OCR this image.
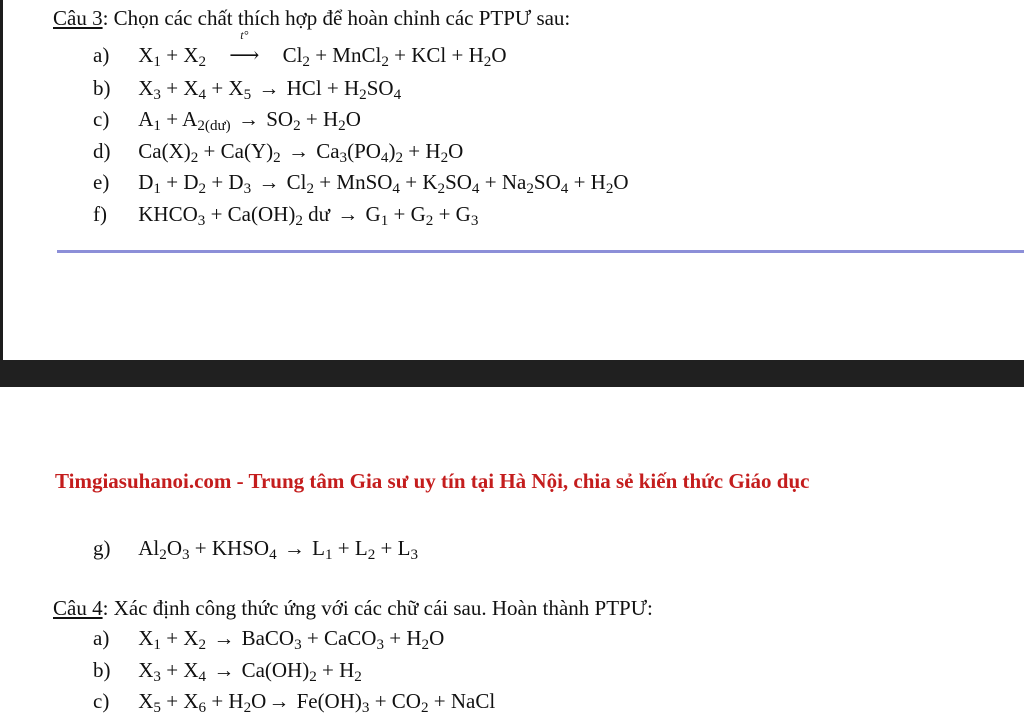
Câu 3: Chọn các chất thích hợp để hoàn chỉnh các PTPƯ sau:
a) $X_1 + X_2$
t°
⟶ $Cl_2$ + MnCl$_2$ + KCl + $H_2O$
b) $X_3 + X_4 + X_5$ → HCl + $H_2SO_4$
c) $A_1 + A_{2(dư)} \to SO_2 + H_2O$
d) $Ca(X)_2 + Ca(Y)_2 \to Ca_3(PO_4)_2 + H_2O$
e) $D_1 + D_2 + D_3 \to Cl_2$ + MnSO$_4$ + $K_2SO_4 + Na_2SO_4 + H_2O$
f) $KHCO_3 + Ca(OH)_2$ dư → $G_1 + G_2 + G_3$
Timgiasuhanoi.com - Trung tâm Gia sư uy tín tại Hà Nội, chia sẻ kiến thức Giáo dục
g) $Al_2O_3$ + $KHSO_4 \to L_1 + L_2 + L_3$
Câu 4: Xác định công thức ứng với các chữ cái sau. Hoàn thành PTPƯ:
a) $X_1 + X_2$ → BaCO$_3$ + CaCO$_3$ + $H_2O$
b) $X_3 + X_4 \to Ca(OH)_2 + H_2$
c) $X_5 + X_6 + H_2O\to Fe(OH)_3 + CO_2$ + NaCl
